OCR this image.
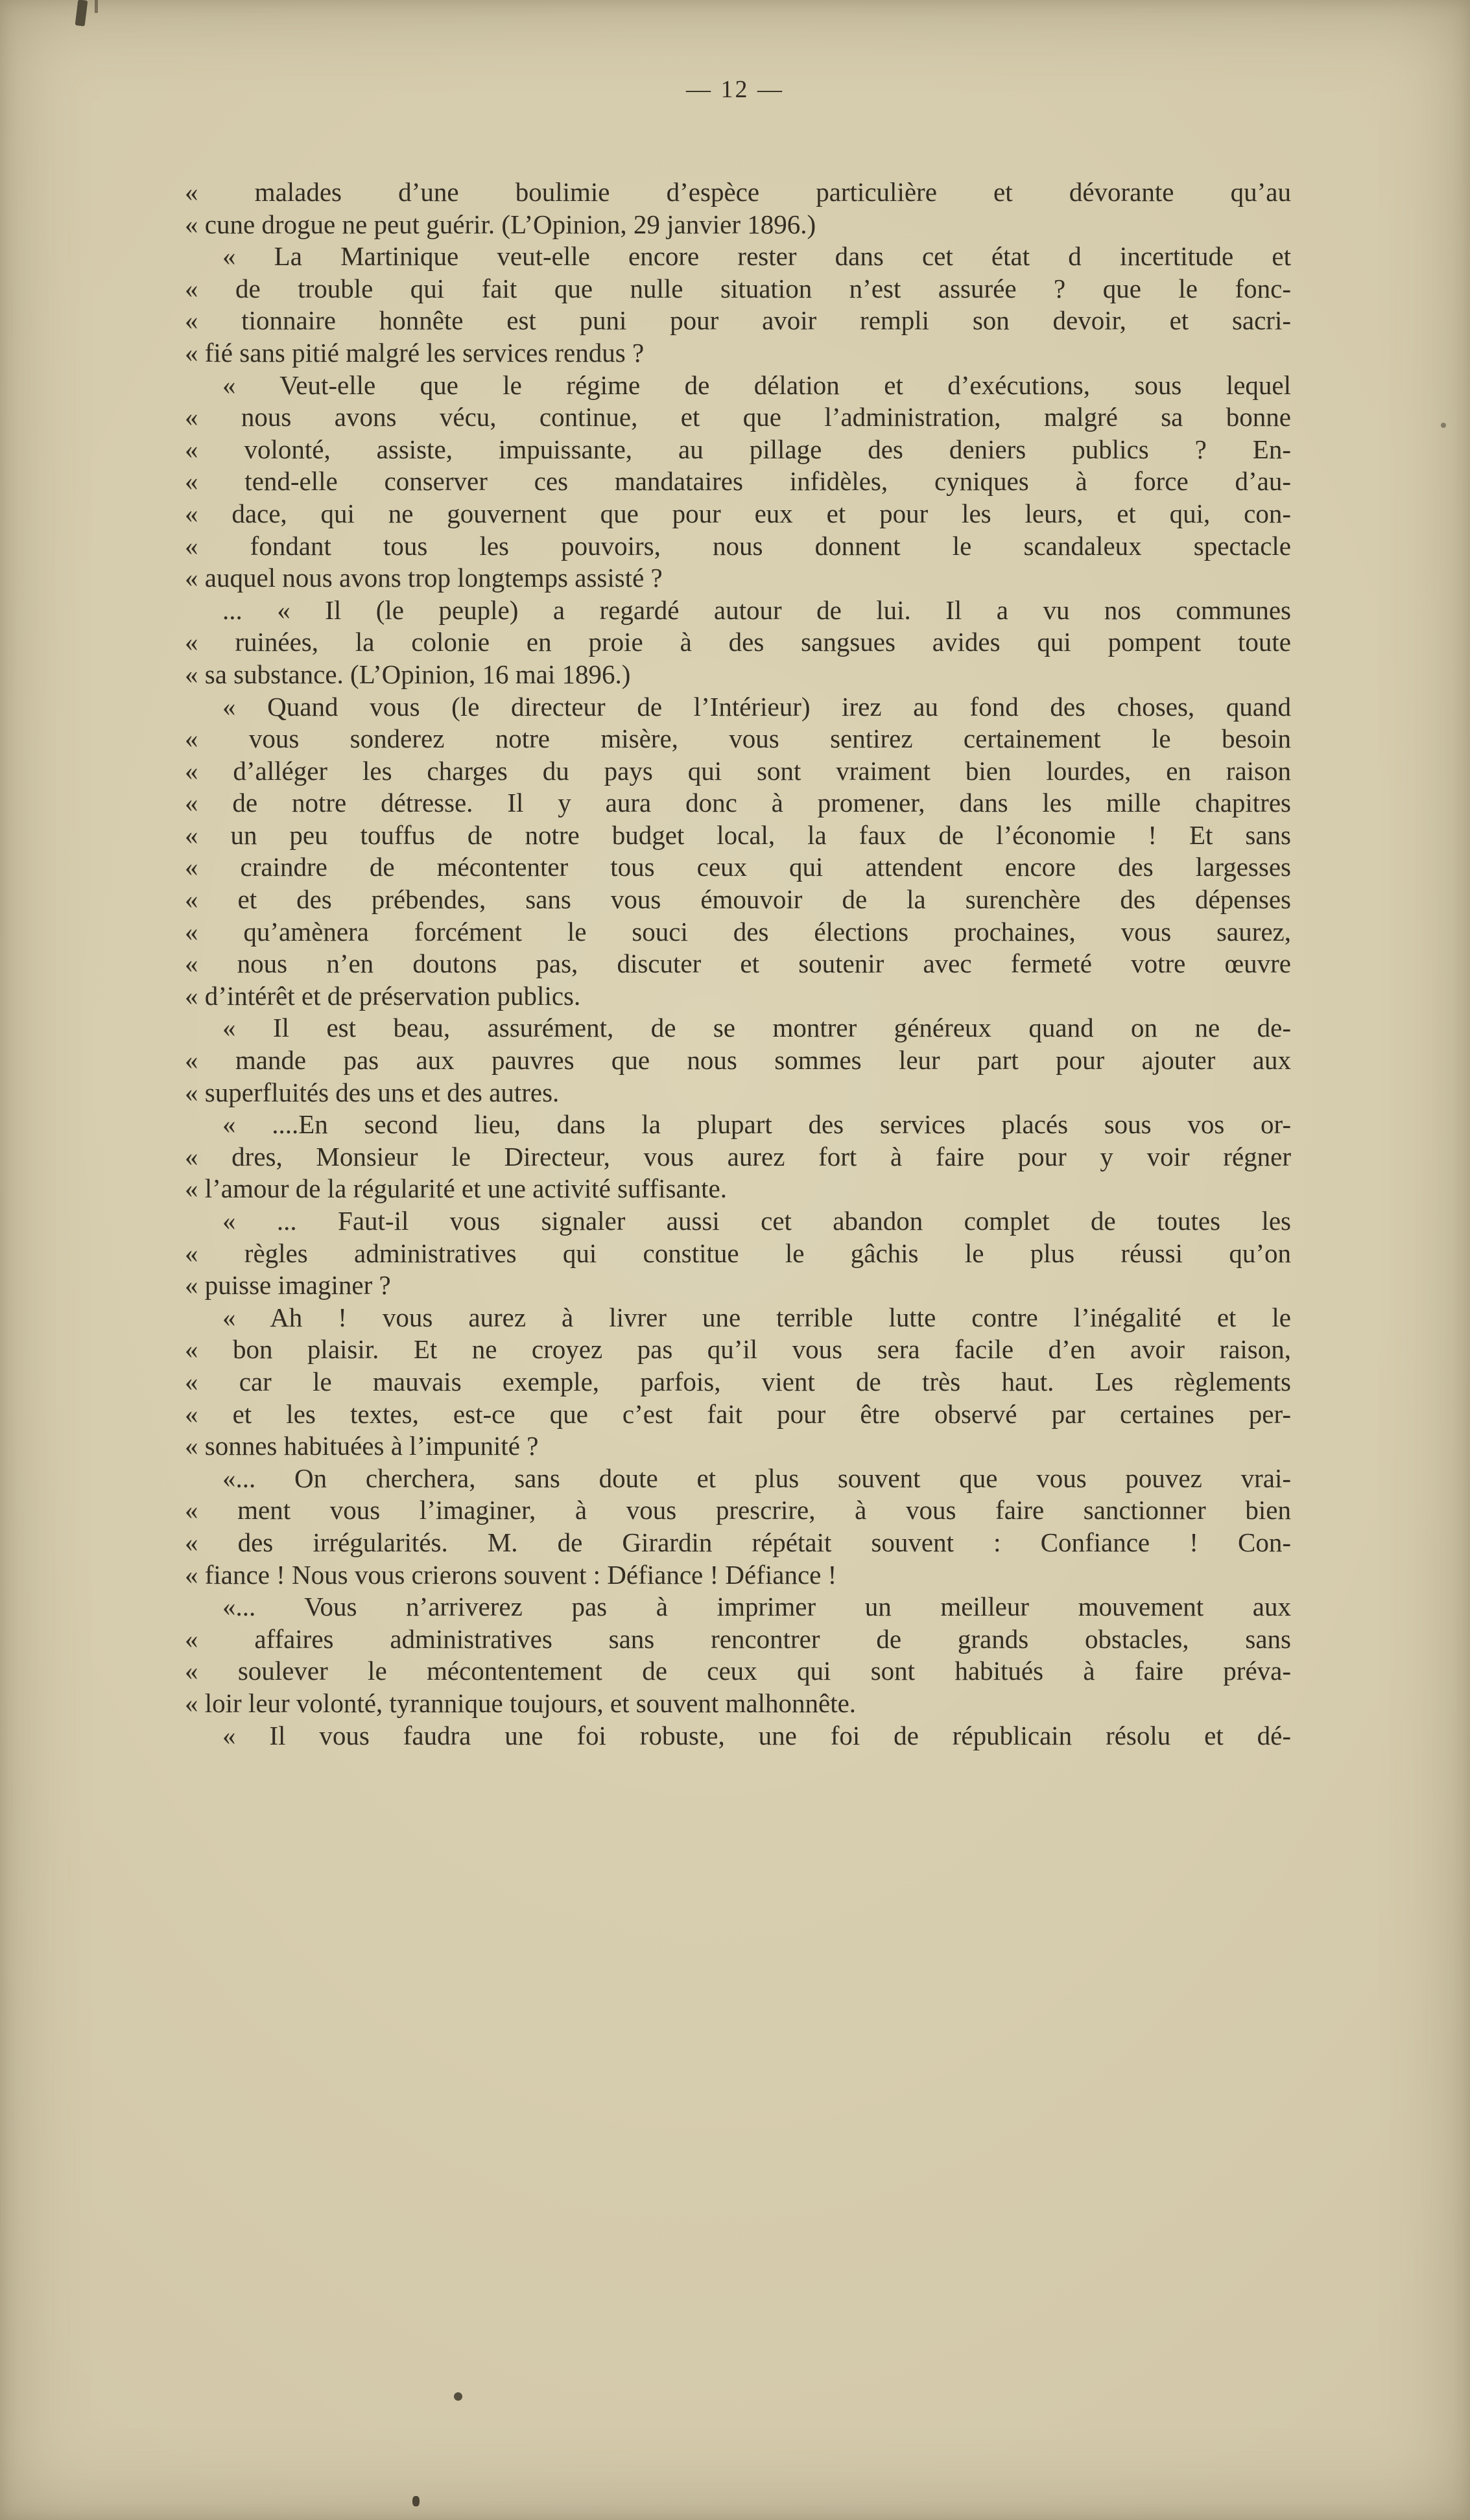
— 12 —
« malades d’une boulimie d’espèce particulière et dévorante qu’au
« cune drogue ne peut guérir. (L’Opinion, 29 janvier 1896.)
« La Martinique veut-elle encore rester dans cet état d incertitude et
« de trouble qui fait que nulle situation n’est assurée ? que le fonc-
« tionnaire honnête est puni pour avoir rempli son devoir, et sacri-
« fié sans pitié malgré les services rendus ?
« Veut-elle que le régime de délation et d’exécutions, sous lequel
« nous avons vécu, continue, et que l’administration, malgré sa bonne
« volonté, assiste, impuissante, au pillage des deniers publics ? En-
« tend-elle conserver ces mandataires infidèles, cyniques à force d’au-
« dace, qui ne gouvernent que pour eux et pour les leurs, et qui, con-
« fondant tous les pouvoirs, nous donnent le scandaleux spectacle
« auquel nous avons trop longtemps assisté ?
... « Il (le peuple) a regardé autour de lui. Il a vu nos communes
« ruinées, la colonie en proie à des sangsues avides qui pompent toute
« sa substance. (L’Opinion, 16 mai 1896.)
« Quand vous (le directeur de l’Intérieur) irez au fond des choses, quand
« vous sonderez notre misère, vous sentirez certainement le besoin
« d’alléger les charges du pays qui sont vraiment bien lourdes, en raison
« de notre détresse. Il y aura donc à promener, dans les mille chapitres
« un peu touffus de notre budget local, la faux de l’économie ! Et sans
« craindre de mécontenter tous ceux qui attendent encore des largesses
« et des prébendes, sans vous émouvoir de la surenchère des dépenses
« qu’amènera forcément le souci des élections prochaines, vous saurez,
« nous n’en doutons pas, discuter et soutenir avec fermeté votre œuvre
« d’intérêt et de préservation publics.
« Il est beau, assurément, de se montrer généreux quand on ne de-
« mande pas aux pauvres que nous sommes leur part pour ajouter aux
« superfluités des uns et des autres.
« ....En second lieu, dans la plupart des services placés sous vos or-
« dres, Monsieur le Directeur, vous aurez fort à faire pour y voir régner
« l’amour de la régularité et une activité suffisante.
« ... Faut-il vous signaler aussi cet abandon complet de toutes les
« règles administratives qui constitue le gâchis le plus réussi qu’on
« puisse imaginer ?
« Ah ! vous aurez à livrer une terrible lutte contre l’inégalité et le
« bon plaisir. Et ne croyez pas qu’il vous sera facile d’en avoir raison,
« car le mauvais exemple, parfois, vient de très haut. Les règlements
« et les textes, est-ce que c’est fait pour être observé par certaines per-
« sonnes habituées à l’impunité ?
«... On cherchera, sans doute et plus souvent que vous pouvez vrai-
« ment vous l’imaginer, à vous prescrire, à vous faire sanctionner bien
« des irrégularités. M. de Girardin répétait souvent : Confiance ! Con-
« fiance ! Nous vous crierons souvent : Défiance ! Défiance !
«... Vous n’arriverez pas à imprimer un meilleur mouvement aux
« affaires administratives sans rencontrer de grands obstacles, sans
« soulever le mécontentement de ceux qui sont habitués à faire préva-
« loir leur volonté, tyrannique toujours, et souvent malhonnête.
« Il vous faudra une foi robuste, une foi de républicain résolu et dé-
